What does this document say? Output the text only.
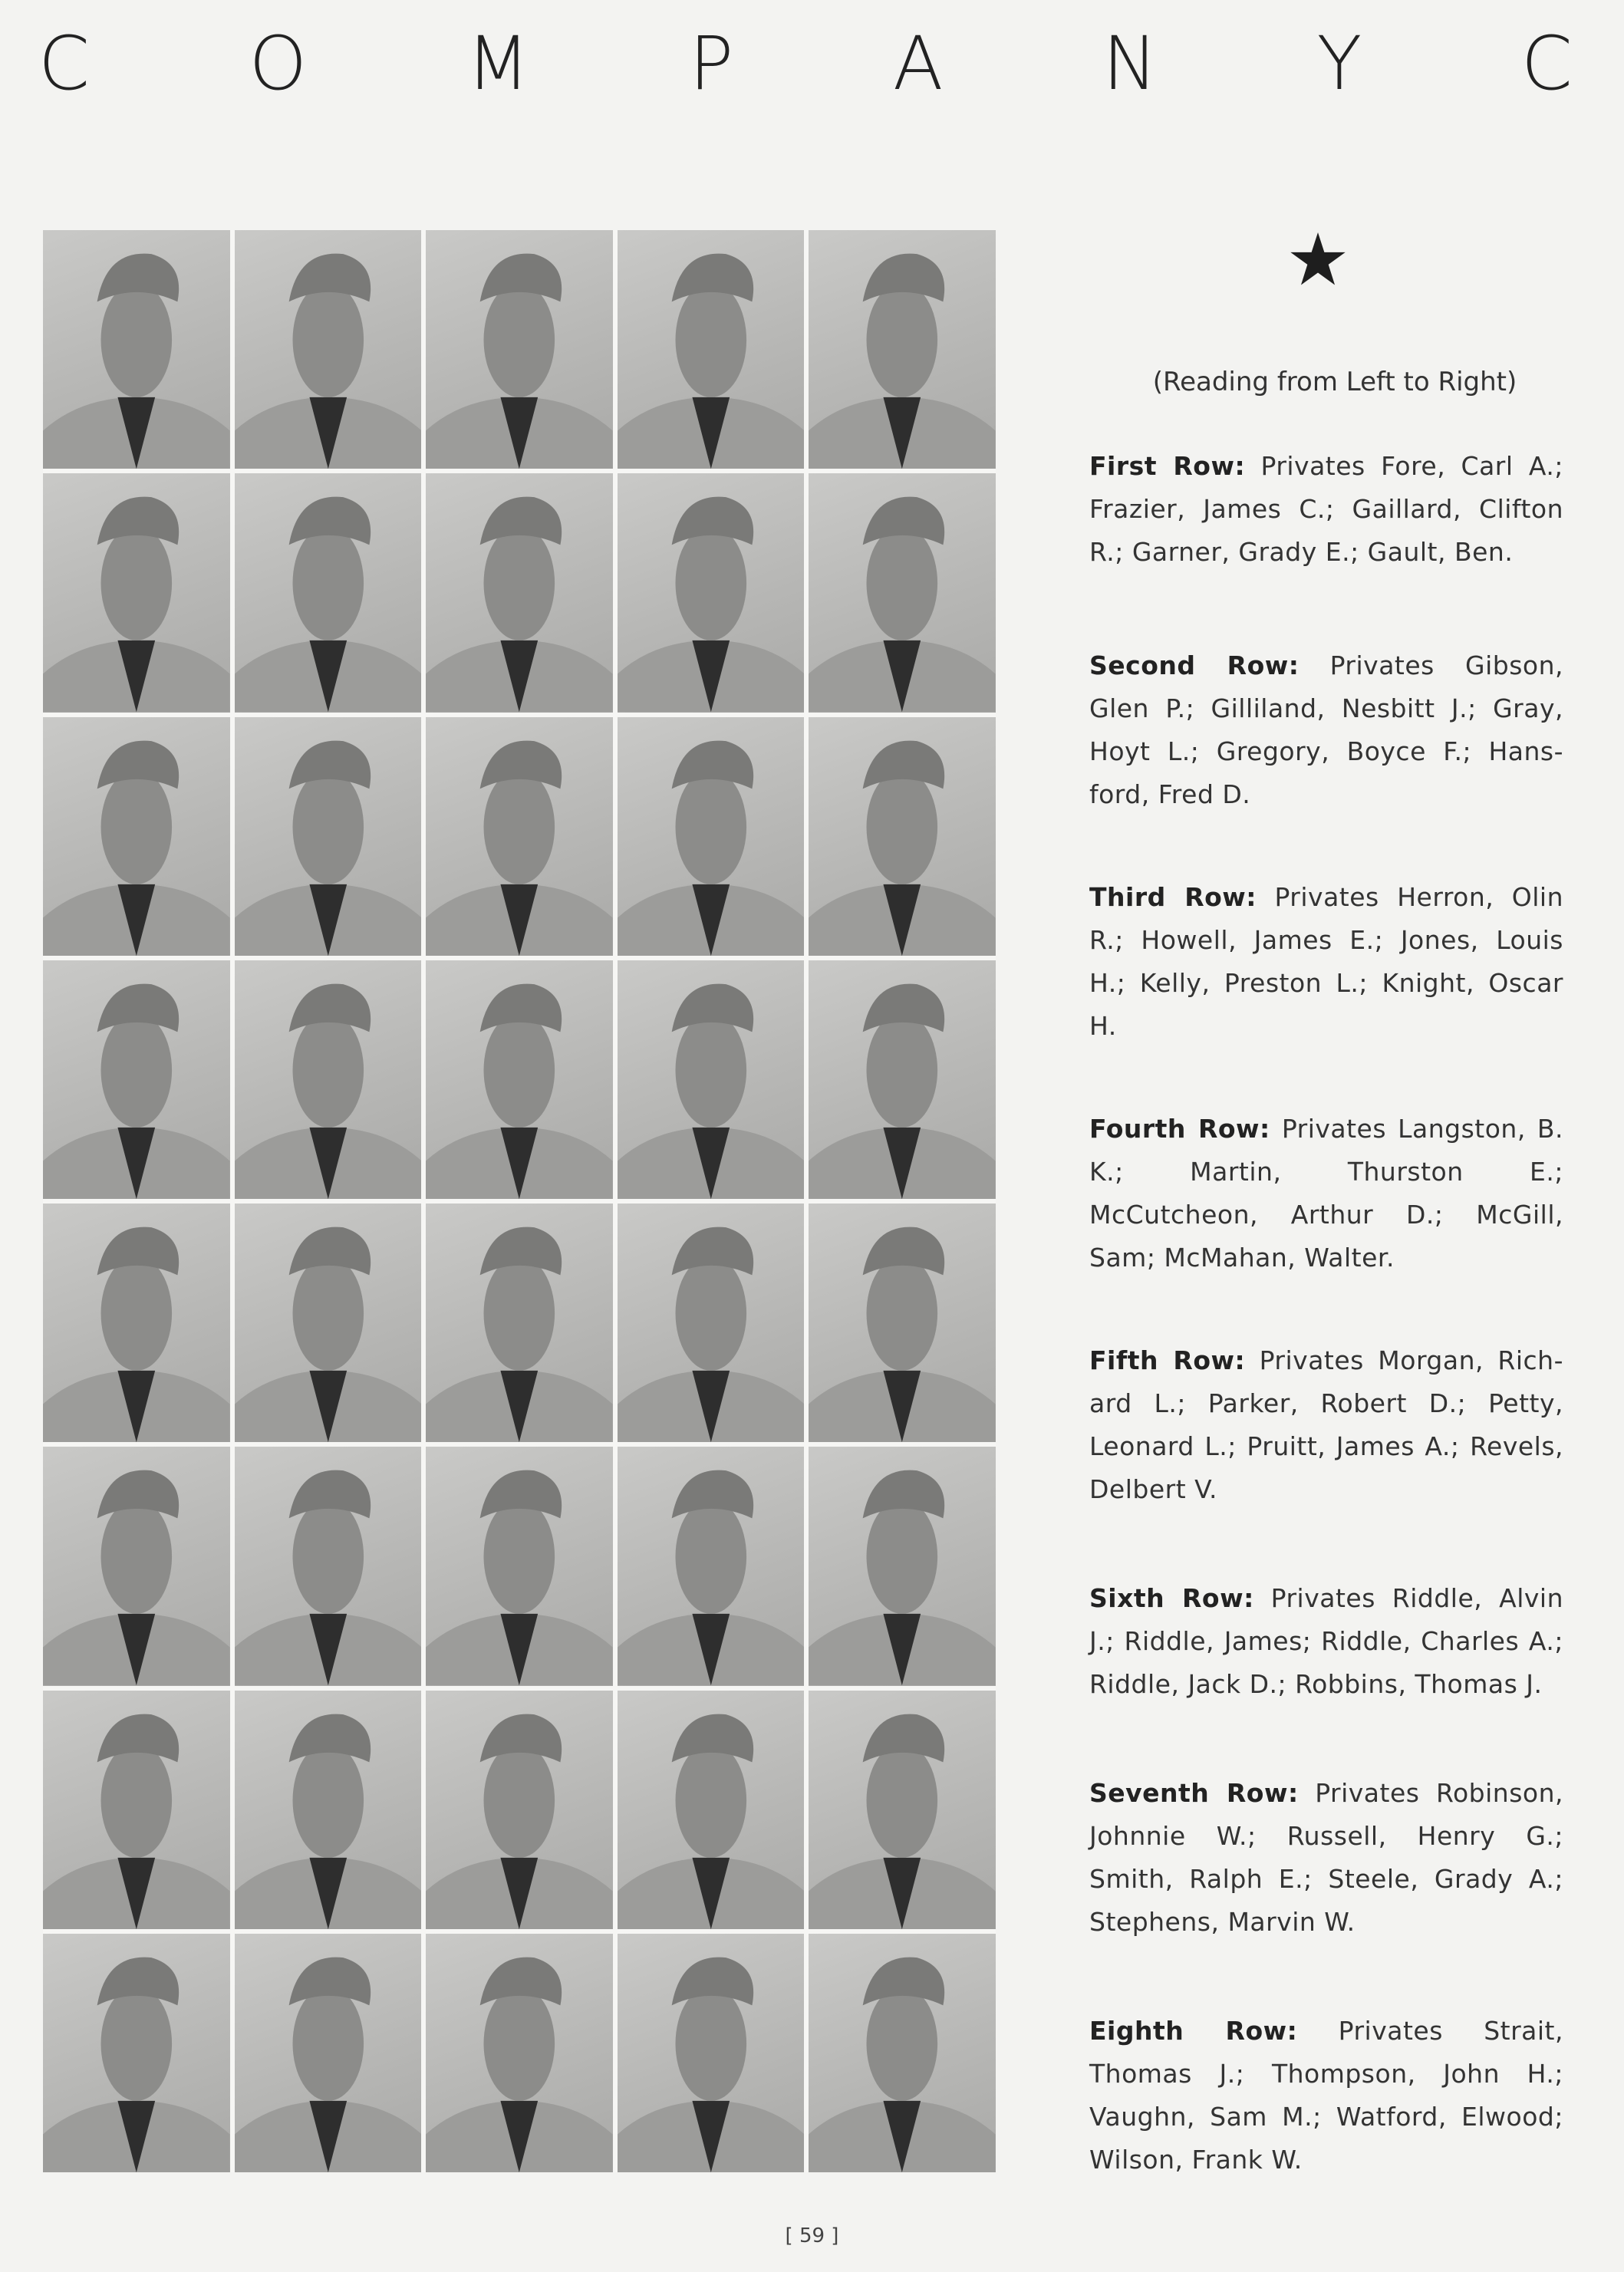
C O M P A N Y C
(Reading from Left to Right)
First Row: Privates Fore, Carl A.; Frazier, James C.; Gaillard, Clifton R.; Garner, Grady E.; Gault, Ben.
Second Row: Privates Gibson, Glen P.; Gilliland, Nesbitt J.; Gray, Hoyt L.; Gregory, Boyce F.; Hans-ford, Fred D.
Third Row: Privates Herron, Olin R.; Howell, James E.; Jones, Louis H.; Kelly, Preston L.; Knight, Oscar H.
Fourth Row: Privates Langston, B. K.; Martin, Thurston E.; McCutcheon, Arthur D.; McGill, Sam; McMahan, Walter.
Fifth Row: Privates Morgan, Rich-ard L.; Parker, Robert D.; Petty, Leonard L.; Pruitt, James A.; Revels, Delbert V.
Sixth Row: Privates Riddle, Alvin J.; Riddle, James; Riddle, Charles A.; Riddle, Jack D.; Robbins, Thomas J.
Seventh Row: Privates Robinson, Johnnie W.; Russell, Henry G.; Smith, Ralph E.; Steele, Grady A.; Stephens, Marvin W.
Eighth Row: Privates Strait, Thomas J.; Thompson, John H.; Vaughn, Sam M.; Watford, Elwood; Wilson, Frank W.
[ 59 ]
